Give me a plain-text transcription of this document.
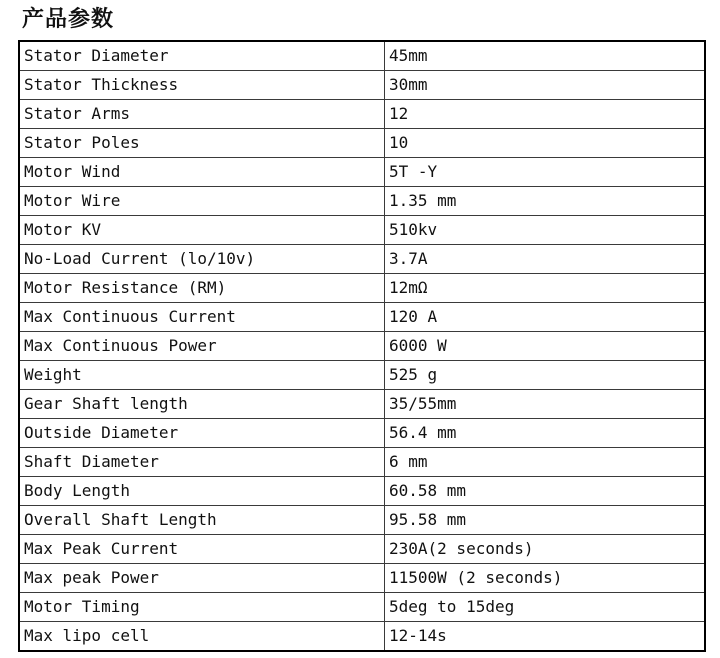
产品参数
Stator Diameter	45mm
Stator Thickness	30mm
Stator Arms	12
Stator Poles	10
Motor Wind	5T -Y
Motor Wire	1.35 mm
Motor KV	510kv
No-Load Current (lo/10v)	3.7A
Motor Resistance (RM)	12mΩ
Max Continuous Current	120 A
Max Continuous Power	6000 W
Weight	525 g
Gear Shaft length	35/55mm
Outside Diameter	56.4 mm
Shaft Diameter	6 mm
Body Length	60.58 mm
Overall Shaft Length	95.58 mm
Max Peak Current	230A(2 seconds)
Max peak Power	11500W (2 seconds)
Motor Timing	5deg to 15deg
Max lipo cell	12-14s
